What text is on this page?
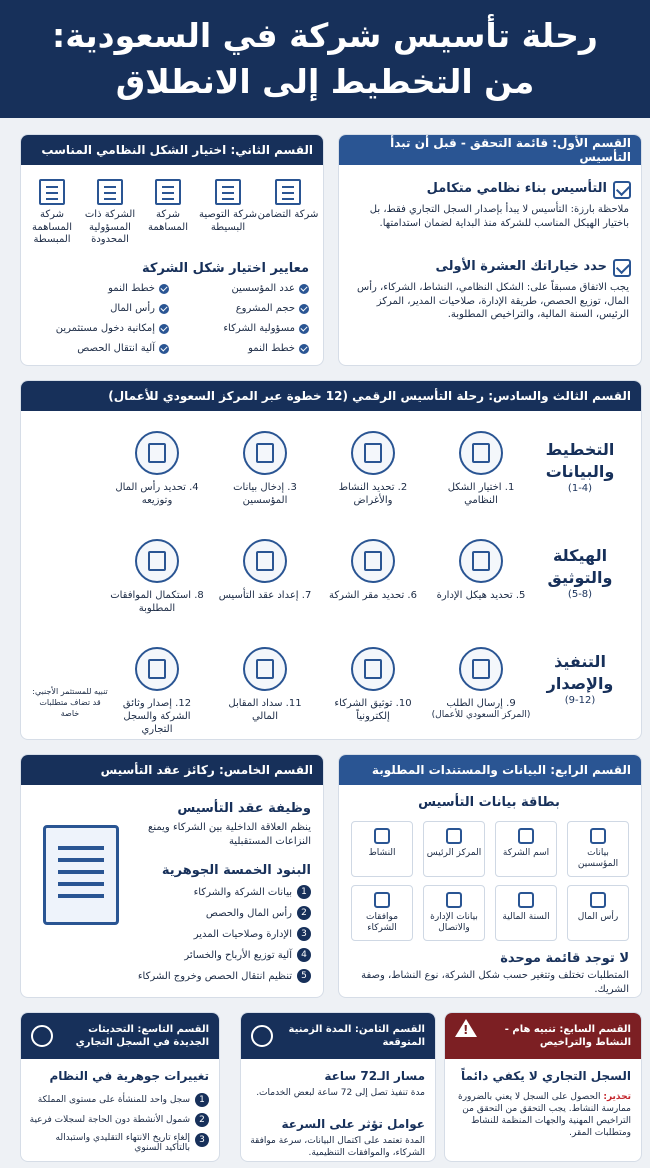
رحلة تأسيس شركة في السعودية:
من التخطيط إلى الانطلاق
القسم الأول: قائمة التحقق - قبل أن تبدأ التأسيس
التأسيس بناء نظامي متكامل
ملاحظة بارزة: التأسيس لا يبدأ بإصدار السجل التجاري فقط، بل باختيار الهيكل المناسب للشركة منذ البداية لضمان استدامتها.
حدد خياراتك العشرة الأولى
يجب الاتفاق مسبقاً على: الشكل النظامي، النشاط، الشركاء، رأس المال، توزيع الحصص، طريقة الإدارة، صلاحيات المدير، المركز الرئيس، السنة المالية، والتراخيص المطلوبة.
القسم الثاني: اختيار الشكل النظامي المناسب
شركة التضامن
شركة التوصية البسيطة
شركة المساهمة
الشركة ذات المسؤولية المحدودة
شركة المساهمة المبسطة
معايير اختيار شكل الشركة
عدد المؤسسين
حجم المشروع
مسؤولية الشركاء
خطط النمو
خطط النمو
رأس المال
إمكانية دخول مستثمرين
آلية انتقال الحصص
القسم الثالث والسادس: رحلة التأسيس الرقمي (12 خطوة عبر المركز السعودي للأعمال)
التخطيط والبيانات
(1-4)
الهيكلة والتوثيق
(5-8)
التنفيذ والإصدار
(9-12)
1. اختيار الشكل النظامي
2. تحديد النشاط والأغراض
3. إدخال بيانات المؤسسين
4. تحديد رأس المال وتوزيعه
5. تحديد هيكل الإدارة
6. تحديد مقر الشركة
7. إعداد عقد التأسيس
8. استكمال الموافقات المطلوبة
9. إرسال الطلب
(المركز السعودي للأعمال)
10. توثيق الشركاء إلكترونياً
11. سداد المقابل المالي
12. إصدار وثائق الشركة والسجل التجاري
تنبيه للمستثمر الأجنبي: قد تضاف متطلبات خاصة
القسم الرابع: البيانات والمستندات المطلوبة
بطاقة بيانات التأسيس
بيانات المؤسسين
اسم الشركة
المركز الرئيس
النشاط
رأس المال
السنة المالية
بيانات الإدارة والاتصال
موافقات الشركاء
لا توجد قائمة موحدة
المتطلبات تختلف وتتغير حسب شكل الشركة، نوع النشاط، وصفة الشريك.
القسم الخامس: ركائز عقد التأسيس
وظيفة عقد التأسيس
ينظم العلاقة الداخلية بين الشركاء ويمنع النزاعات المستقبلية
البنود الخمسة الجوهرية
1
بيانات الشركة والشركاء
2
رأس المال والحصص
3
الإدارة وصلاحيات المدير
4
آلية توزيع الأرباح والخسائر
5
تنظيم انتقال الحصص وخروج الشركاء
القسم السابع: تنبيه هام - النشاط والتراخيص
!
السجل التجاري لا يكفي دائماً
تحذير: الحصول على السجل لا يعني بالضرورة ممارسة النشاط. يجب التحقق من التحقق من التراخيص المهنية والجهات المنظمة للنشاط ومتطلبات المقر.
القسم الثامن: المدة الزمنية المتوقعة
مسار الـ72 ساعة
مدة تنفيذ تصل إلى 72 ساعة لبعض الخدمات.
عوامل تؤثر على السرعة
المدة تعتمد على اكتمال البيانات، سرعة موافقة الشركاء، والموافقات التنظيمية.
القسم التاسع: التحديثات الجديدة في السجل التجاري
تغييرات جوهرية في النظام
1
سجل واحد للمنشأة على مستوى المملكة
2
شمول الأنشطة دون الحاجة لسجلات فرعية
3
إلغاء تاريخ الانتهاء التقليدي واستبداله بالتأكيد السنوي
